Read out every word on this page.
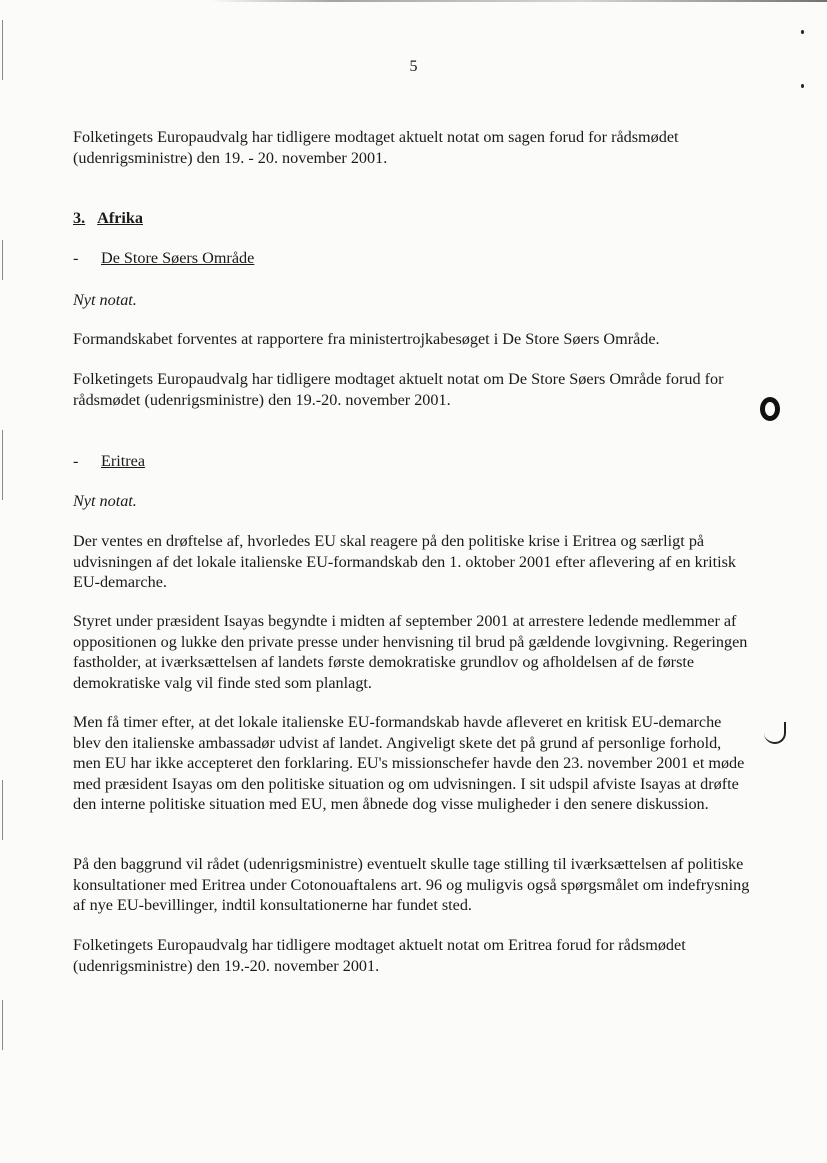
5
Folketingets Europaudvalg har tidligere modtaget aktuelt notat om sagen forud for rådsmødet (udenrigsministre) den 19. - 20. november 2001.
3. Afrika
- De Store Søers Område
Nyt notat.
Formandskabet forventes at rapportere fra ministertrojkabesøget i De Store Søers Område.
Folketingets Europaudvalg har tidligere modtaget aktuelt notat om De Store Søers Område forud for rådsmødet (udenrigsministre) den 19.-20. november 2001.
- Eritrea
Nyt notat.
Der ventes en drøftelse af, hvorledes EU skal reagere på den politiske krise i Eritrea og særligt på udvisningen af det lokale italienske EU-formandskab den 1. oktober 2001 efter aflevering af en kritisk EU-demarche.
Styret under præsident Isayas begyndte i midten af september 2001 at arrestere ledende medlemmer af oppositionen og lukke den private presse under henvisning til brud på gældende lovgivning. Regeringen fastholder, at iværksættelsen af landets første demokratiske grundlov og afholdelsen af de første demokratiske valg vil finde sted som planlagt.
Men få timer efter, at det lokale italienske EU-formandskab havde afleveret en kritisk EU-demarche blev den italienske ambassadør udvist af landet. Angiveligt skete det på grund af personlige forhold, men EU har ikke accepteret den forklaring. EU's missionschefer havde den 23. november 2001 et møde med præsident Isayas om den politiske situation og om udvisningen. I sit udspil afviste Isayas at drøfte den interne politiske situation med EU, men åbnede dog visse muligheder i den senere diskussion.
På den baggrund vil rådet (udenrigsministre) eventuelt skulle tage stilling til iværksættelsen af politiske konsultationer med Eritrea under Cotonouaftalens art. 96 og muligvis også spørgsmålet om indefrysning af nye EU-bevillinger, indtil konsultationerne har fundet sted.
Folketingets Europaudvalg har tidligere modtaget aktuelt notat om Eritrea forud for rådsmødet (udenrigsministre) den 19.-20. november 2001.
